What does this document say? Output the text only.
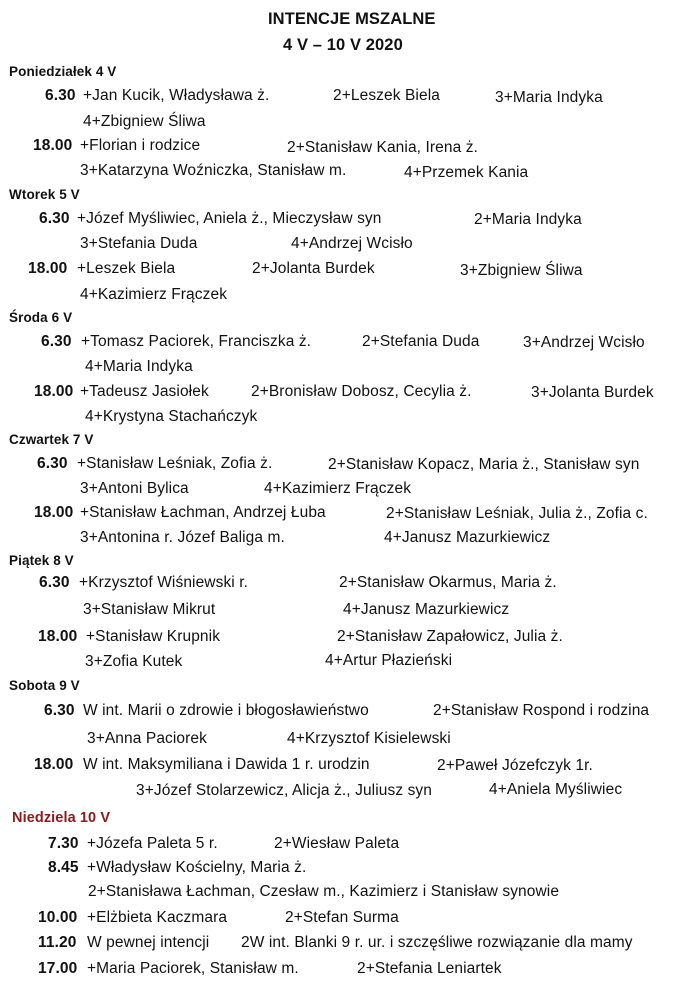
INTENCJE MSZALNE
4 V – 10 V 2020
Poniedziałek 4 V
6.30 +Jan Kucik, Władysława ż.	2+Leszek Biela	3+Maria Indyka
4+Zbigniew Śliwa
18.00 +Florian i rodzice	2+Stanisław Kania, Irena ż.
3+Katarzyna Woźniczka, Stanisław m.	4+Przemek Kania
Wtorek 5 V
6.30 +Józef Myśliwiec, Aniela ż., Mieczysław syn	2+Maria Indyka
3+Stefania Duda	4+Andrzej Wcisło
18.00 +Leszek Biela	2+Jolanta Burdek	3+Zbigniew Śliwa
4+Kazimierz Frączek
Środa 6 V
6.30 +Tomasz Paciorek, Franciszka ż.	2+Stefania Duda	3+Andrzej Wcisło
4+Maria Indyka
18.00 +Tadeusz Jasiołek	2+Bronisław Dobosz, Cecylia ż.	3+Jolanta Burdek
4+Krystyna Stachańczyk
Czwartek 7 V
6.30 +Stanisław Leśniak, Zofia ż.	2+Stanisław Kopacz, Maria ż., Stanisław syn
3+Antoni Bylica	4+Kazimierz Frączek
18.00 +Stanisław Łachman, Andrzej Łuba	2+Stanisław Leśniak, Julia ż., Zofia c.
3+Antonina r. Józef Baliga m.	4+Janusz Mazurkiewicz
Piątek 8 V
6.30 +Krzysztof Wiśniewski r.	2+Stanisław Okarmus, Maria ż.
3+Stanisław Mikrut	4+Janusz Mazurkiewicz
18.00 +Stanisław Krupnik	2+Stanisław Zapałowicz, Julia ż.
3+Zofia Kutek	4+Artur Płazieński
Sobota 9 V
6.30 W int. Marii o zdrowie i błogosławieństwo	2+Stanisław Rospond i rodzina
3+Anna Paciorek	4+Krzysztof Kisielewski
18.00 W int. Maksymiliana i Dawida 1 r. urodzin	2+Paweł Józefczyk 1r.
3+Józef Stolarzewicz, Alicja ż., Juliusz syn	4+Aniela Myśliwiec
Niedziela 10 V
7.30 +Józefa Paleta 5 r.	2+Wiesław Paleta
8.45 +Władysław Kościelny, Maria ż.
2+Stanisława Łachman, Czesław m., Kazimierz i Stanisław synowie
10.00 +Elżbieta Kaczmara	2+Stefan Surma
11.20 W pewnej intencji 2W int. Blanki 9 r. ur. i szczęśliwe rozwiązanie dla mamy
17.00 +Maria Paciorek, Stanisław m.	2+Stefania Leniartek
